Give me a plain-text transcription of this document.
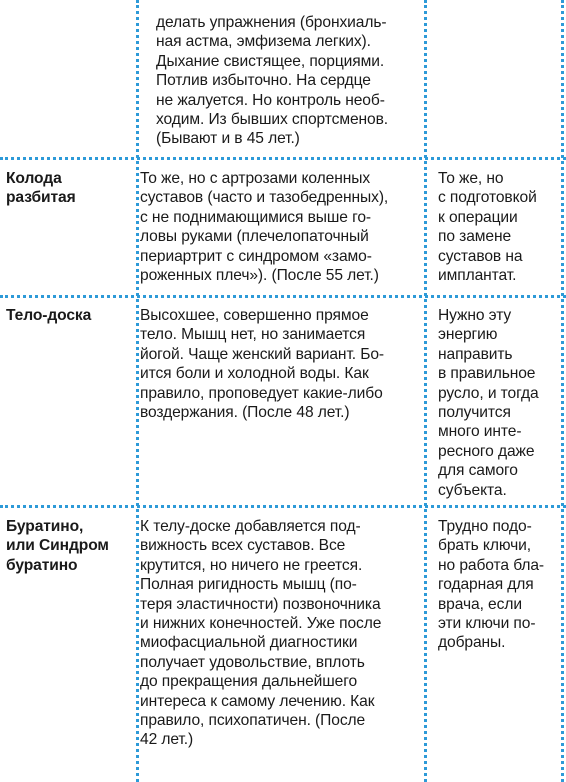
делать упражнения (бронхиаль-
ная астма, эмфизема легких).
Дыхание свистящее, порциями.
Потлив избыточно. На сердце
не жалуется. Но контроль необ-
ходим. Из бывших спортсменов.
(Бывают и в 45 лет.)
Колода
разбитая
То же, но с артрозами коленных
суставов (часто и тазобедренных),
с не поднимающимися выше го-
ловы руками (плечелопаточный
периартрит с синдромом «замо-
роженных плеч»). (После 55 лет.)
То же, но
с подготовкой
к операции
по замене
суставов на
имплантат.
Тело-доска	Высохшее, совершенно прямое
тело. Мышц нет, но занимается
йогой. Чаще женский вариант. Бо-
ится боли и холодной воды. Как
правило, проповедует какие-либо
воздержания. (После 48 лет.)
Нужно эту
энергию
направить
в правильное
русло, и тогда
получится
много инте-
ресного даже
для самого
субъекта.
Буратино,
или Синдром
буратино
К телу-доске добавляется под-
вижность всех суставов. Все
крутится, но ничего не греется.
Полная ригидность мышц (по-
теря эластичности) позвоночника
и нижних конечностей. Уже после
миофасциальной диагностики
получает удовольствие, вплоть
до прекращения дальнейшего
интереса к самому лечению. Как
правило, психопатичен. (После
42 лет.)
Трудно подо-
брать ключи,
но работа бла-
годарная для
врача, если
эти ключи по-
добраны.
